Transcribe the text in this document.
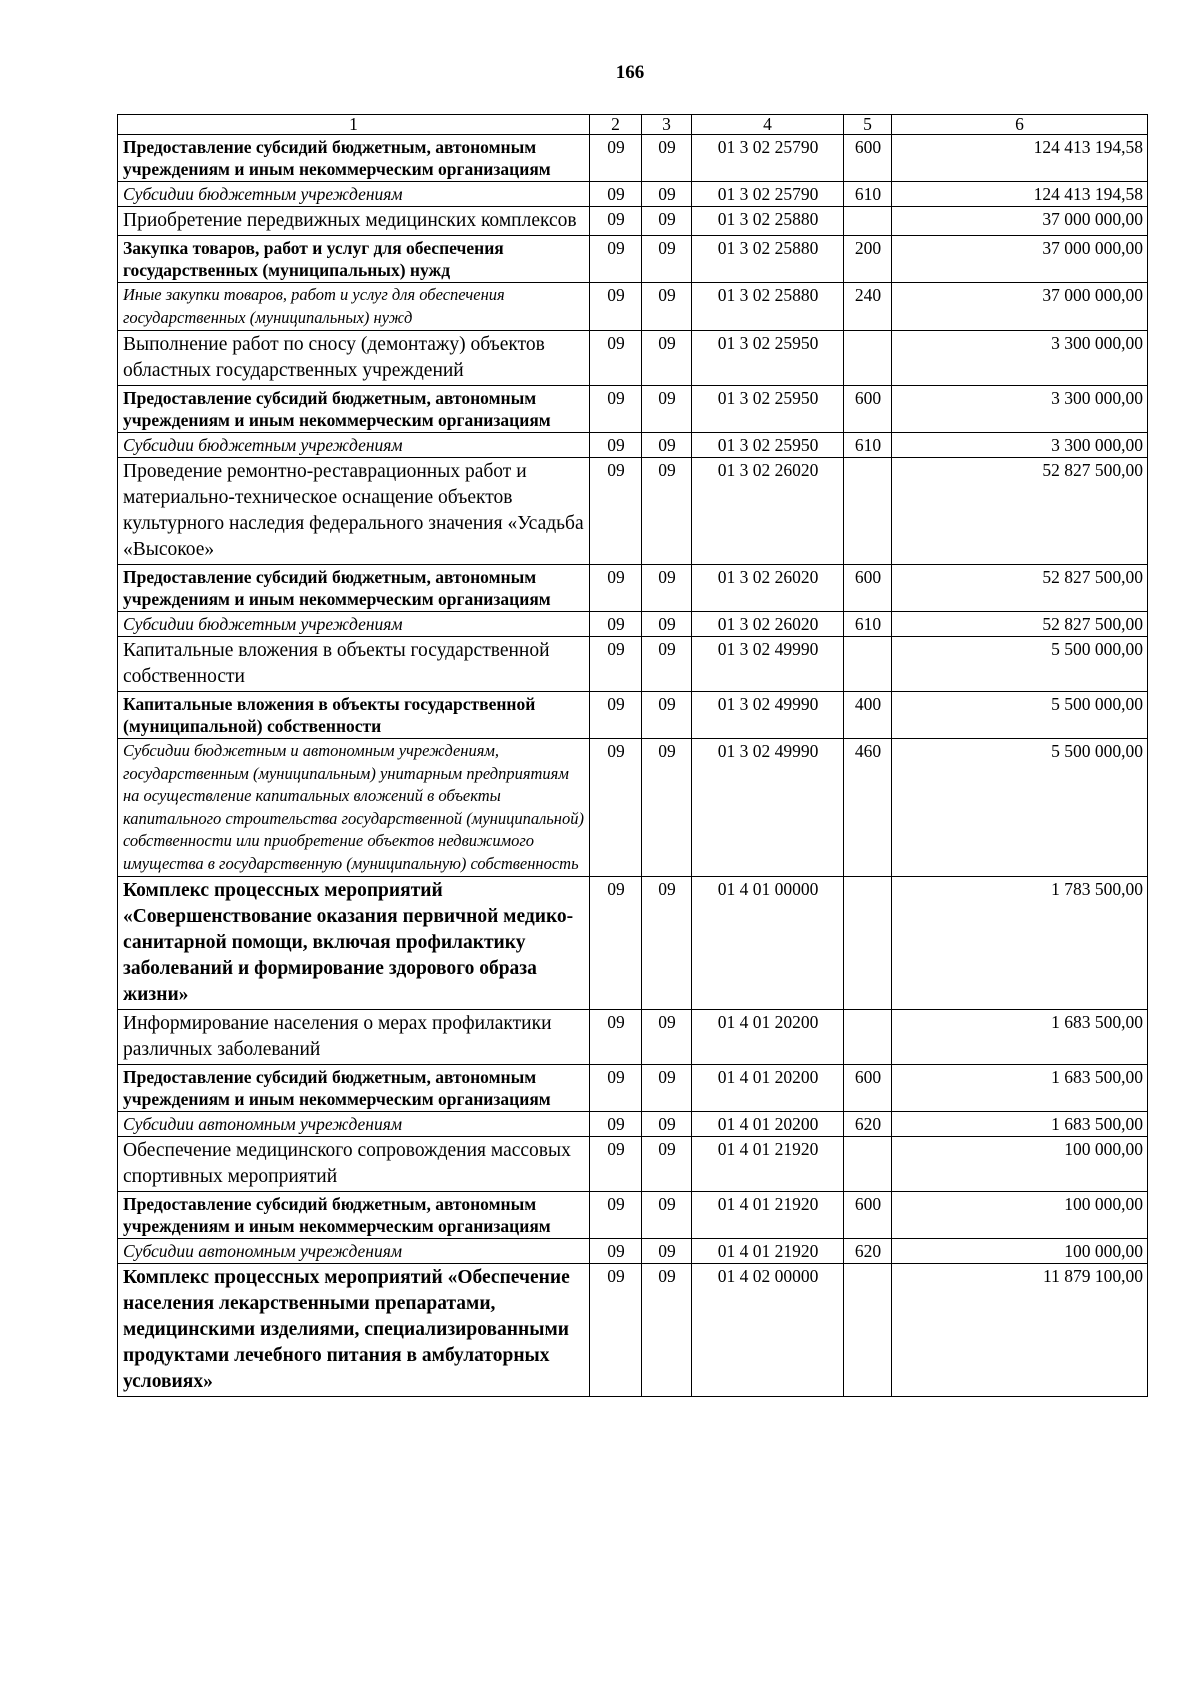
166
1	2	3	4	5	6
Предоставление субсидий бюджетным, автономным учреждениям и иным некоммерческим организациям	09	09	01 3 02 25790	600	124 413 194,58
Субсидии бюджетным учреждениям	09	09	01 3 02 25790	610	124 413 194,58
Приобретение передвижных медицинских комплексов	09	09	01 3 02 25880		37 000 000,00
Закупка товаров, работ и услуг для обеспечения государственных (муниципальных) нужд	09	09	01 3 02 25880	200	37 000 000,00
Иные закупки товаров, работ и услуг для обеспечения государственных (муниципальных) нужд	09	09	01 3 02 25880	240	37 000 000,00
Выполнение работ по сносу (демонтажу) объектов областных государственных учреждений	09	09	01 3 02 25950		3 300 000,00
Предоставление субсидий бюджетным, автономным учреждениям и иным некоммерческим организациям	09	09	01 3 02 25950	600	3 300 000,00
Субсидии бюджетным учреждениям	09	09	01 3 02 25950	610	3 300 000,00
Проведение ремонтно-реставрационных работ и материально-техническое оснащение объектов культурного наследия федерального значения «Усадьба «Высокое»	09	09	01 3 02 26020		52 827 500,00
Предоставление субсидий бюджетным, автономным учреждениям и иным некоммерческим организациям	09	09	01 3 02 26020	600	52 827 500,00
Субсидии бюджетным учреждениям	09	09	01 3 02 26020	610	52 827 500,00
Капитальные вложения в объекты государственной собственности	09	09	01 3 02 49990		5 500 000,00
Капитальные вложения в объекты государственной (муниципальной) собственности	09	09	01 3 02 49990	400	5 500 000,00
Субсидии бюджетным и автономным учреждениям, государственным (муниципальным) унитарным предприятиям на осуществление капитальных вложений в объекты капитального строительства государственной (муниципальной) собственности или приобретение объектов недвижимого имущества в государственную (муниципальную) собственность	09	09	01 3 02 49990	460	5 500 000,00
Комплекс процессных мероприятий «Совершенствование оказания первичной медико-санитарной помощи, включая профилактику заболеваний и формирование здорового образа жизни»	09	09	01 4 01 00000		1 783 500,00
Информирование населения о мерах профилактики различных заболеваний	09	09	01 4 01 20200		1 683 500,00
Предоставление субсидий бюджетным, автономным учреждениям и иным некоммерческим организациям	09	09	01 4 01 20200	600	1 683 500,00
Субсидии автономным учреждениям	09	09	01 4 01 20200	620	1 683 500,00
Обеспечение медицинского сопровождения массовых спортивных мероприятий	09	09	01 4 01 21920		100 000,00
Предоставление субсидий бюджетным, автономным учреждениям и иным некоммерческим организациям	09	09	01 4 01 21920	600	100 000,00
Субсидии автономным учреждениям	09	09	01 4 01 21920	620	100 000,00
Комплекс процессных мероприятий «Обеспечение населения лекарственными препаратами, медицинскими изделиями, специализированными продуктами лечебного питания в амбулаторных условиях»	09	09	01 4 02 00000		11 879 100,00
